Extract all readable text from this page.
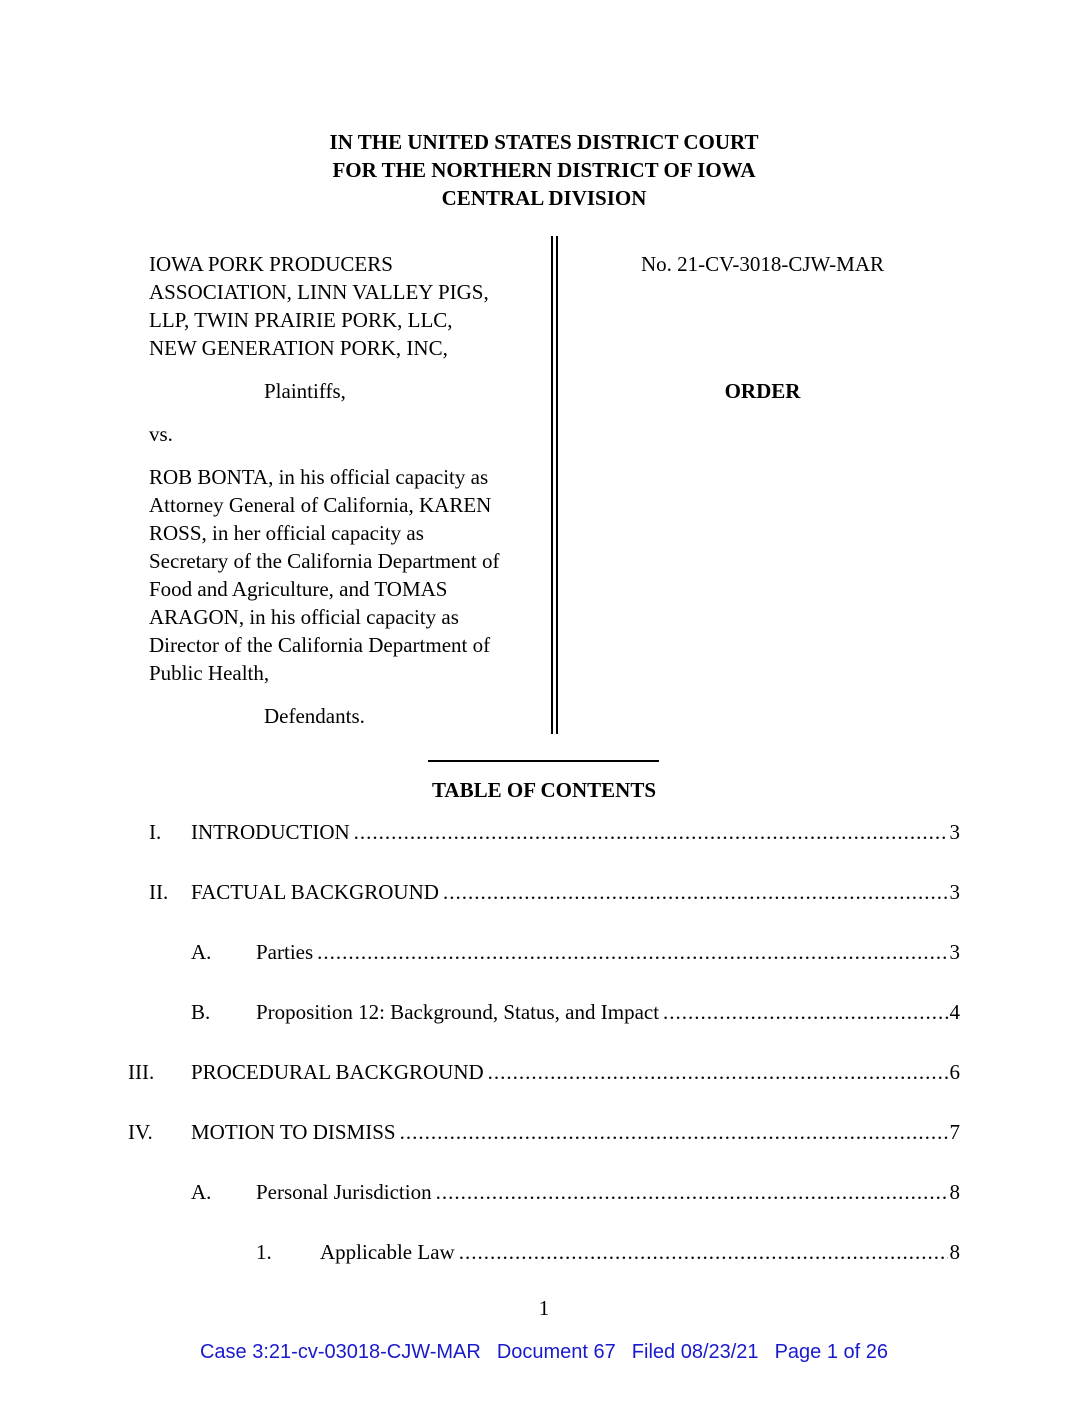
IN THE UNITED STATES DISTRICT COURT
FOR THE NORTHERN DISTRICT OF IOWA
CENTRAL DIVISION
IOWA PORK PRODUCERS
ASSOCIATION, LINN VALLEY PIGS,
LLP, TWIN PRAIRIE PORK, LLC,
NEW GENERATION PORK, INC,
Plaintiffs,
vs.
ROB BONTA, in his official capacity as
Attorney General of California, KAREN
ROSS, in her official capacity as
Secretary of the California Department of
Food and Agriculture, and TOMAS
ARAGON, in his official capacity as
Director of the California Department of
Public Health,
Defendants.
No. 21-CV-3018-CJW-MAR
ORDER
TABLE OF CONTENTS
I. INTRODUCTION .....	3
II. FACTUAL BACKGROUND .....	3
A. Parties .....	3
B. Proposition 12: Background, Status, and Impact .....	4
III. PROCEDURAL BACKGROUND .....	6
IV. MOTION TO DISMISS .....	7
A. Personal Jurisdiction .....	8
1. Applicable Law .....	8
1
Case 3:21-cv-03018-CJW-MAR Document 67 Filed 08/23/21 Page 1 of 26
